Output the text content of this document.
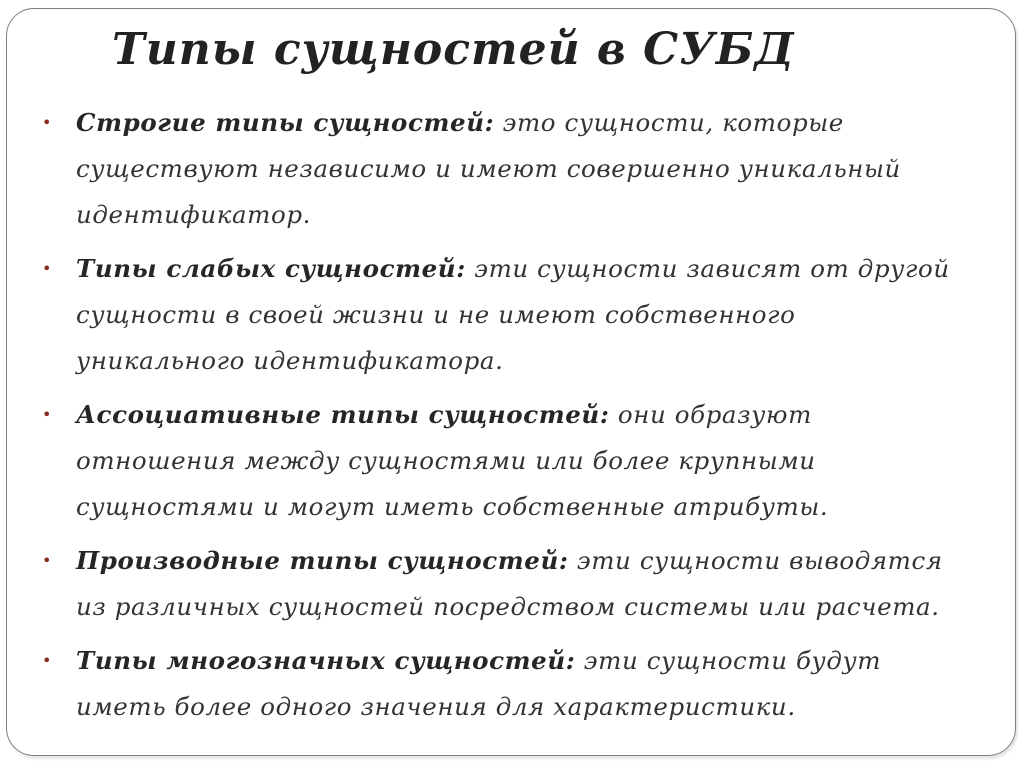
Типы сущностей в СУБД
• Строгие типы сущностей: это сущности, которые существуют независимо и имеют совершенно уникальный идентификатор.
• Типы слабых сущностей: эти сущности зависят от другой сущности в своей жизни и не имеют собственного уникального идентификатора.
• Ассоциативные типы сущностей: они образуют отношения между сущностями или более крупными сущностями и могут иметь собственные атрибуты.
• Производные типы сущностей: эти сущности выводятся из различных сущностей посредством системы или расчета.
• Типы многозначных сущностей: эти сущности будут иметь более одного значения для характеристики.
